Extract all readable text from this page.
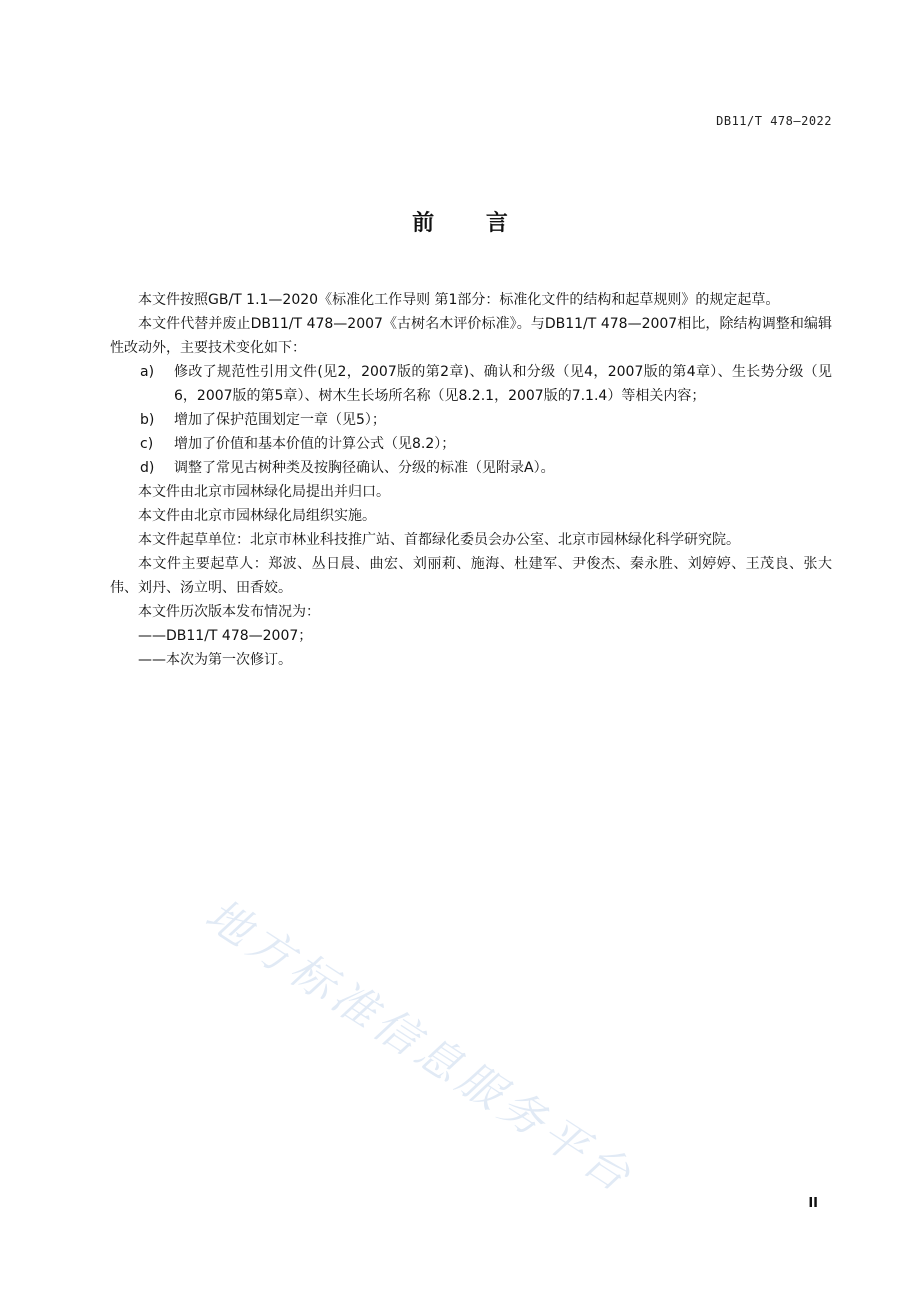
DB11/T 478—2022
前 言

本文件按照GB/T 1.1—2020《标准化工作导则 第1部分：标准化文件的结构和起草规则》的规定起草。

本文件代替并废止DB11/T 478—2007《古树名木评价标准》。与DB11/T 478—2007相比，除结构调整和编辑性改动外，主要技术变化如下：

a) 修改了规范性引用文件(见2，2007版的第2章)、确认和分级（见4，2007版的第4章）、生长势分级（见6，2007版的第5章）、树木生长场所名称（见8.2.1，2007版的7.1.4）等相关内容；

b) 增加了保护范围划定一章（见5）；

c) 增加了价值和基本价值的计算公式（见8.2）；

d) 调整了常见古树种类及按胸径确认、分级的标准（见附录A）。

本文件由北京市园林绿化局提出并归口。

本文件由北京市园林绿化局组织实施。

本文件起草单位：北京市林业科技推广站、首都绿化委员会办公室、北京市园林绿化科学研究院。

本文件主要起草人：郑波、丛日晨、曲宏、刘丽莉、施海、杜建军、尹俊杰、秦永胜、刘婷婷、王茂良、张大伟、刘丹、汤立明、田香姣。

本文件历次版本发布情况为：

——DB11/T 478—2007；

——本次为第一次修订。

地方标准信息服务平台	II
